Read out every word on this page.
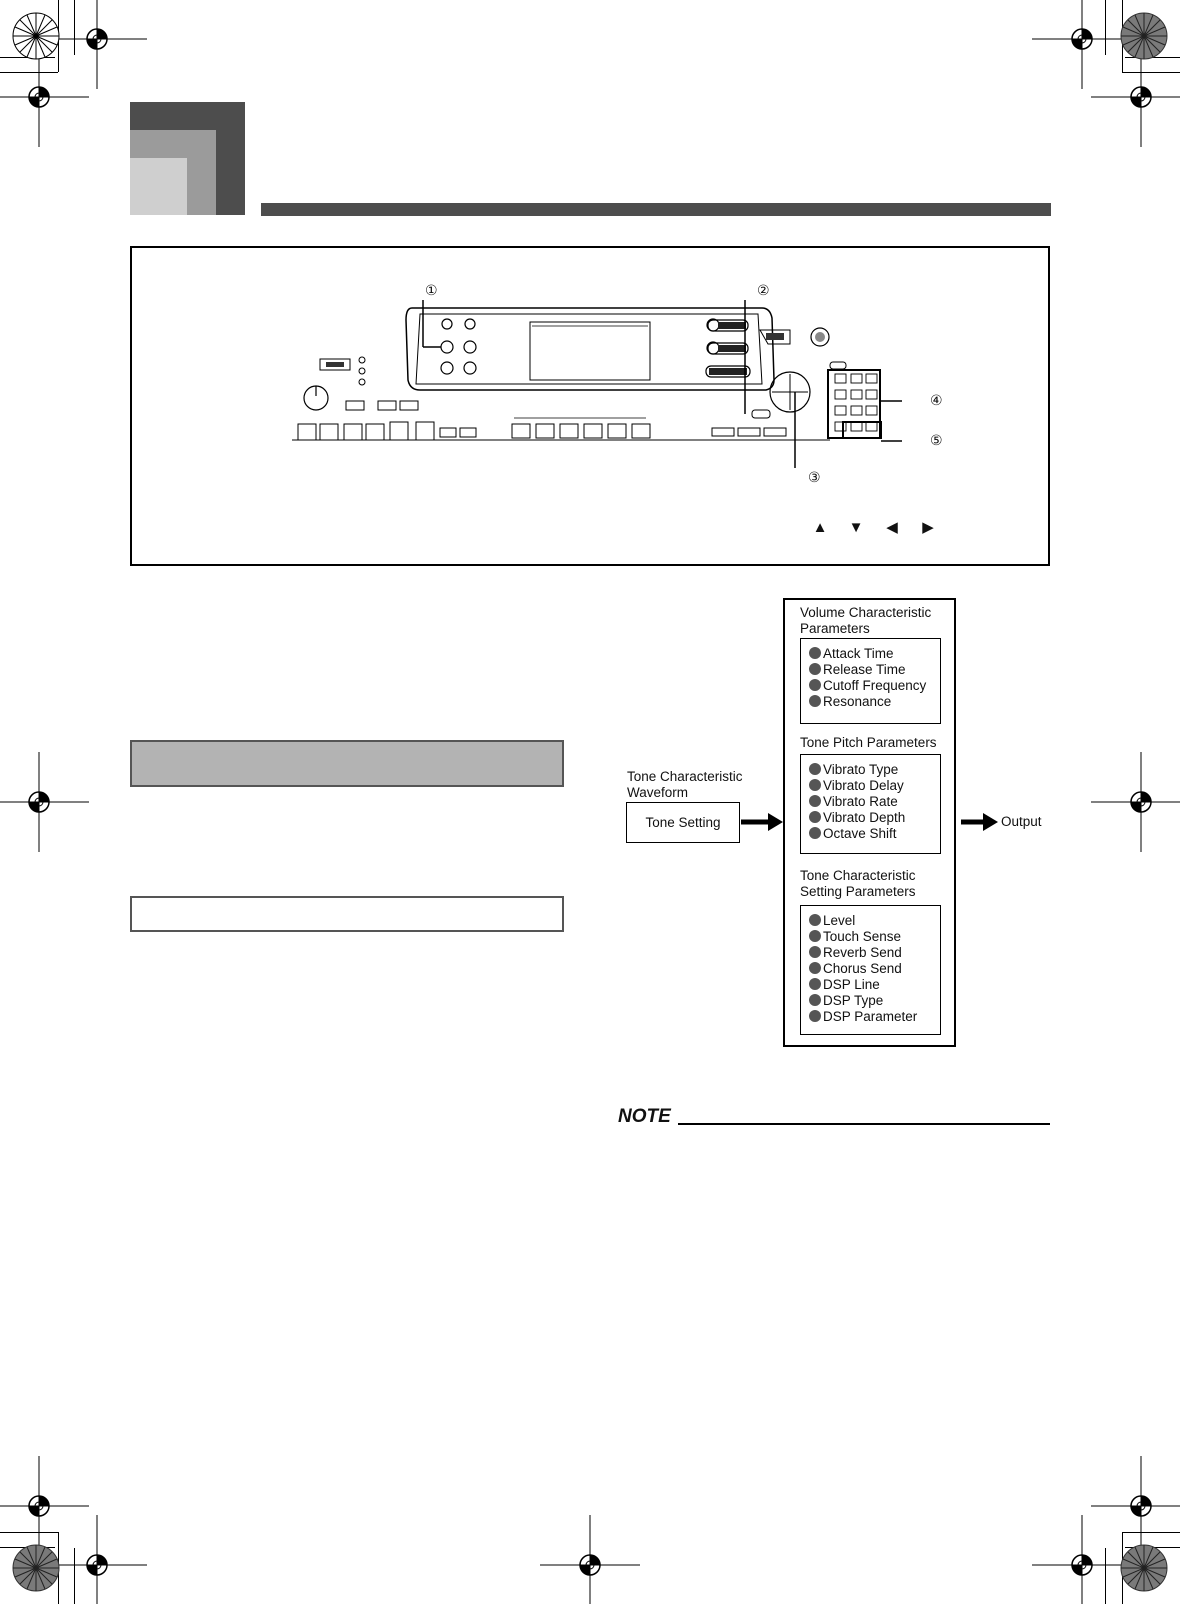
①	②
③
④
⑤
▲ ▼ ◀ ▶
Tone Characteristic Waveform
Tone Setting	Output
Volume Characteristic Parameters
Attack Time
Release Time
Cutoff Frequency
Resonance
Tone Pitch Parameters
Vibrato Type
Vibrato Delay
Vibrato Rate
Vibrato Depth
Octave Shift
Tone Characteristic Setting Parameters
Level
Touch Sense
Reverb Send
Chorus Send
DSP Line
DSP Type
DSP Parameter
NOTE
